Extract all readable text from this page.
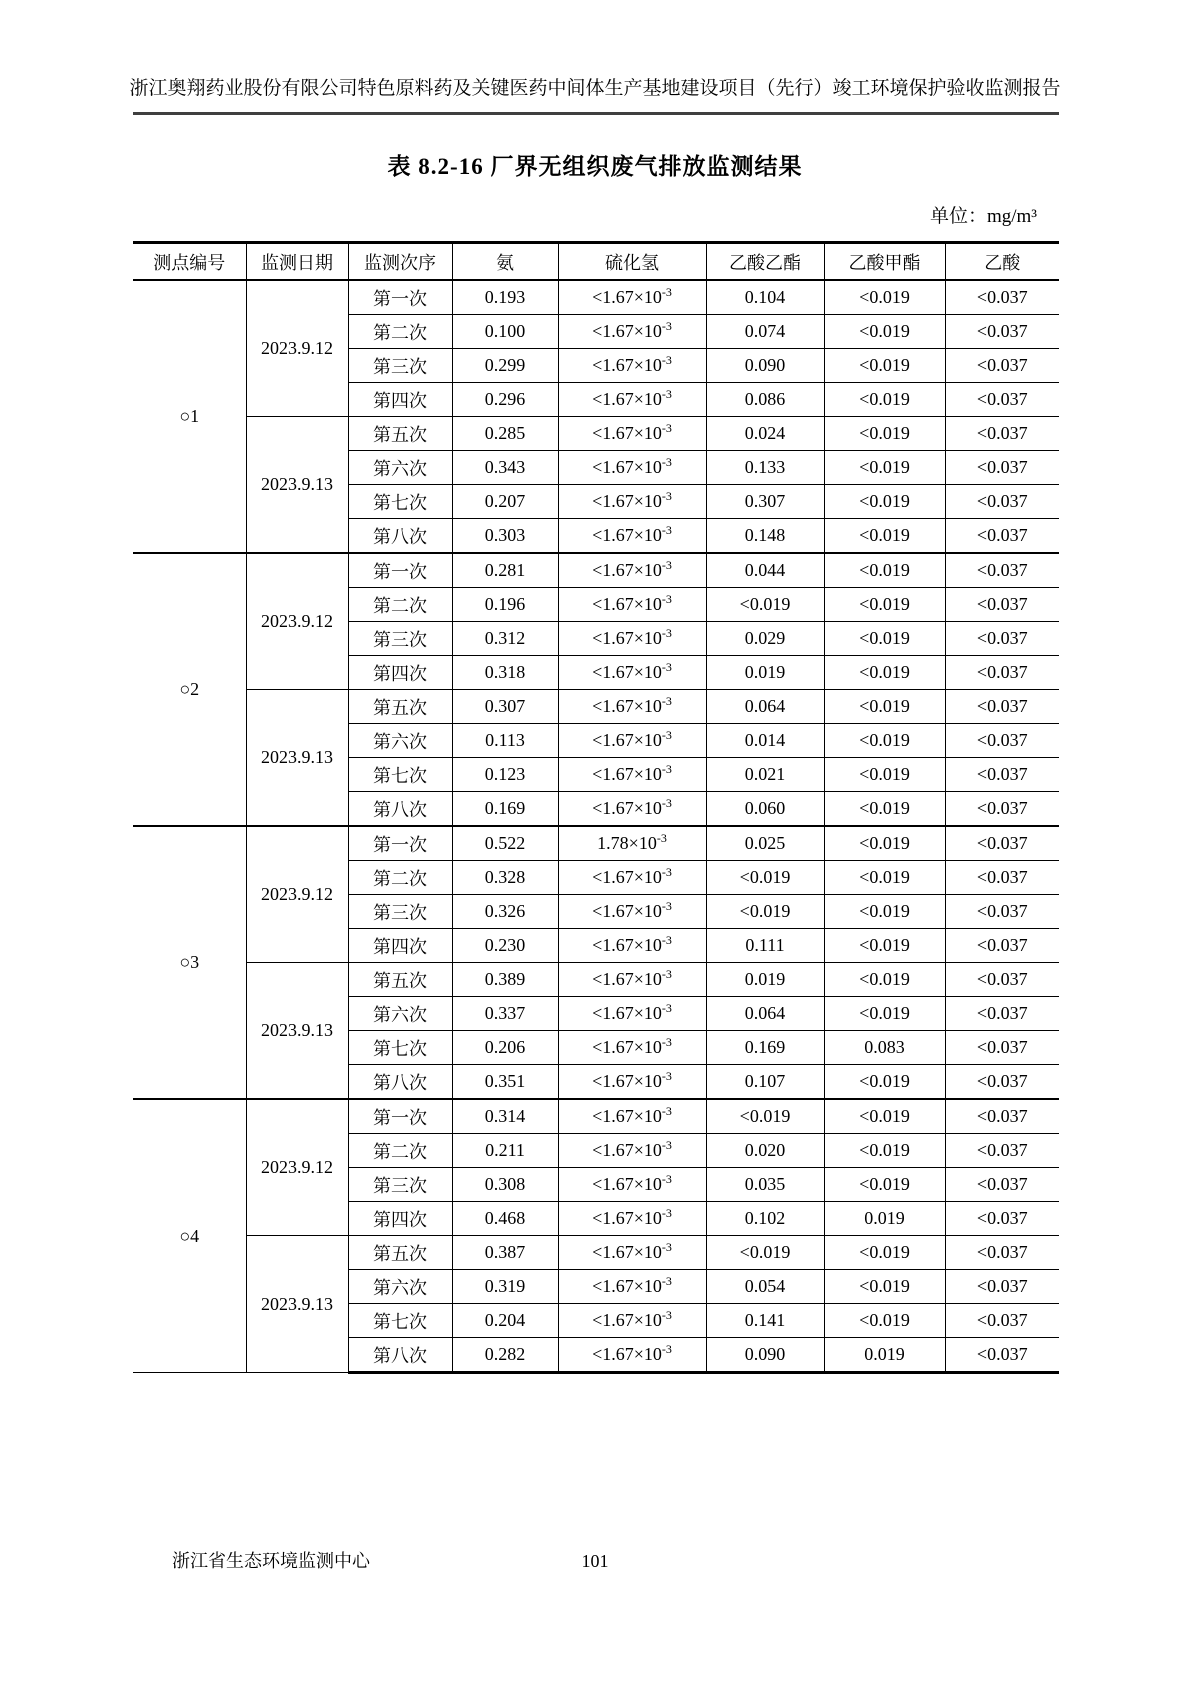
浙江奥翔药业股份有限公司特色原料药及关键医药中间体生产基地建设项目（先行）竣工环境保护验收监测报告
表 8.2-16 厂界无组织废气排放监测结果
单位：mg/m³
测点编号	监测日期	监测次序	氨	硫化氢	乙酸乙酯	乙酸甲酯	乙酸
○1	2023.9.12	第一次	0.193	$<1.67\times 10^{-3}$	0.104	<0.019	<0.037
		第二次	0.100	$<1.67\times 10^{-3}$	0.074	<0.019	<0.037
		第三次	0.299	$<1.67\times 10^{-3}$	0.090	<0.019	<0.037
		第四次	0.296	$<1.67\times 10^{-3}$	0.086	<0.019	<0.037
	2023.9.13	第五次	0.285	$<1.67\times 10^{-3}$	0.024	<0.019	<0.037
		第六次	0.343	$<1.67\times 10^{-3}$	0.133	<0.019	<0.037
		第七次	0.207	$<1.67\times 10^{-3}$	0.307	<0.019	<0.037
		第八次	0.303	$<1.67\times 10^{-3}$	0.148	<0.019	<0.037
○2	2023.9.12	第一次	0.281	$<1.67\times 10^{-3}$	0.044	<0.019	<0.037
		第二次	0.196	$<1.67\times 10^{-3}$	<0.019	<0.019	<0.037
		第三次	0.312	$<1.67\times 10^{-3}$	0.029	<0.019	<0.037
		第四次	0.318	$<1.67\times 10^{-3}$	0.019	<0.019	<0.037
	2023.9.13	第五次	0.307	$<1.67\times 10^{-3}$	0.064	<0.019	<0.037
		第六次	0.113	$<1.67\times 10^{-3}$	0.014	<0.019	<0.037
		第七次	0.123	$<1.67\times 10^{-3}$	0.021	<0.019	<0.037
		第八次	0.169	$<1.67\times 10^{-3}$	0.060	<0.019	<0.037
○3	2023.9.12	第一次	0.522	$1.78\times 10^{-3}$	0.025	<0.019	<0.037
		第二次	0.328	$<1.67\times 10^{-3}$	<0.019	<0.019	<0.037
		第三次	0.326	$<1.67\times 10^{-3}$	<0.019	<0.019	<0.037
		第四次	0.230	$<1.67\times 10^{-3}$	0.111	<0.019	<0.037
	2023.9.13	第五次	0.389	$<1.67\times 10^{-3}$	0.019	<0.019	<0.037
		第六次	0.337	$<1.67\times 10^{-3}$	0.064	<0.019	<0.037
		第七次	0.206	$<1.67\times 10^{-3}$	0.169	0.083	<0.037
		第八次	0.351	$<1.67\times 10^{-3}$	0.107	<0.019	<0.037
○4	2023.9.12	第一次	0.314	$<1.67\times 10^{-3}$	<0.019	<0.019	<0.037
		第二次	0.211	$<1.67\times 10^{-3}$	0.020	<0.019	<0.037
		第三次	0.308	$<1.67\times 10^{-3}$	0.035	<0.019	<0.037
		第四次	0.468	$<1.67\times 10^{-3}$	0.102	0.019	<0.037
	2023.9.13	第五次	0.387	$<1.67\times 10^{-3}$	<0.019	<0.019	<0.037
		第六次	0.319	$<1.67\times 10^{-3}$	0.054	<0.019	<0.037
		第七次	0.204	$<1.67\times 10^{-3}$	0.141	<0.019	<0.037
		第八次	0.282	$<1.67\times 10^{-3}$	0.090	0.019	<0.037
浙江省生态环境监测中心	101
